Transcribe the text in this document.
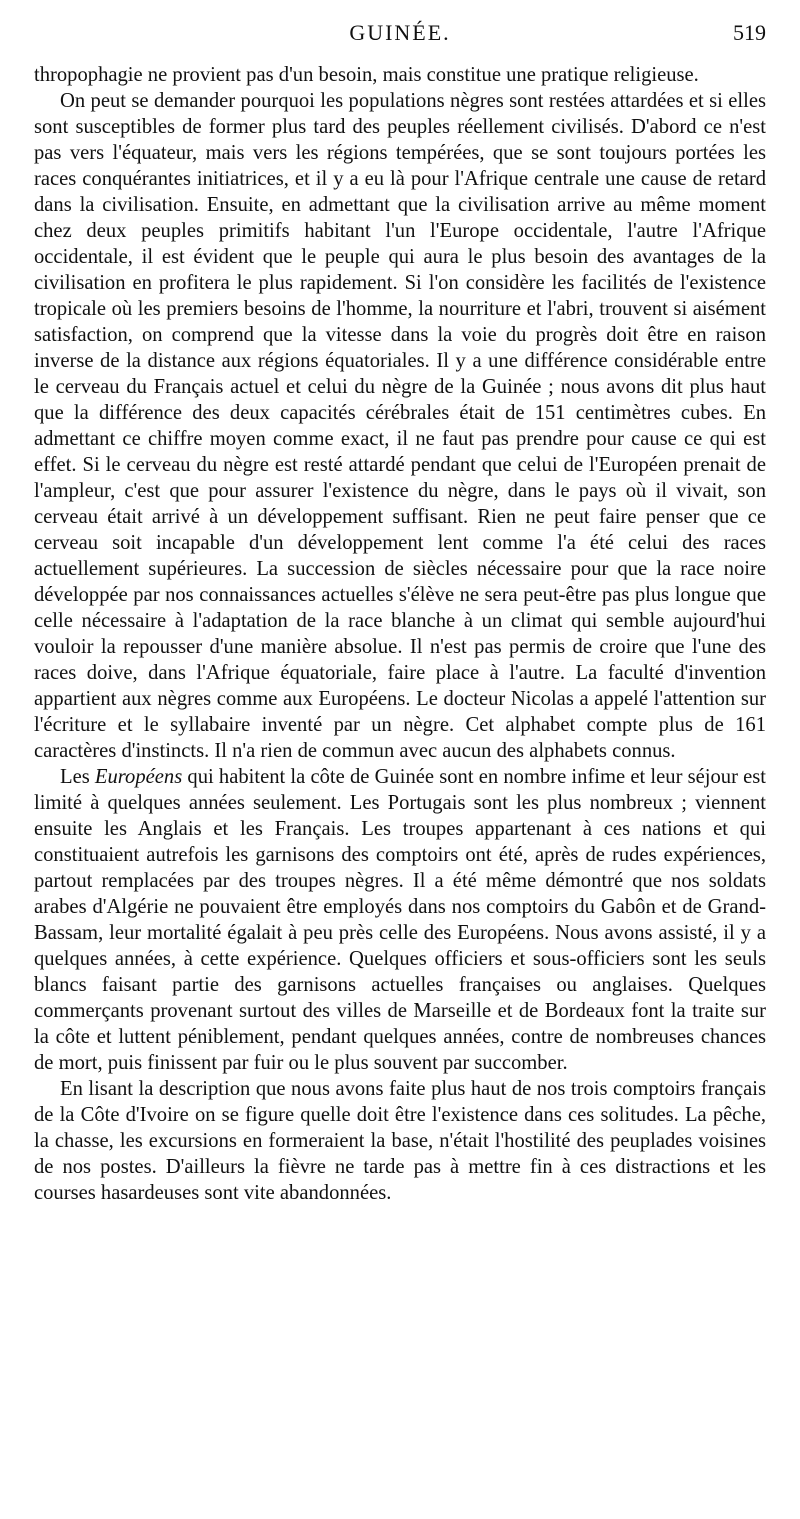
GUINÉE.	519

thropophagie ne provient pas d'un besoin, mais constitue une pratique religieuse.

On peut se demander pourquoi les populations nègres sont restées attardées et si elles sont susceptibles de former plus tard des peuples réellement civilisés. D'abord ce n'est pas vers l'équateur, mais vers les régions tempérées, que se sont toujours portées les races conquérantes initiatrices, et il y a eu là pour l'Afrique centrale une cause de retard dans la civilisation. Ensuite, en admettant que la civilisation arrive au même moment chez deux peuples primitifs habitant l'un l'Europe occidentale, l'autre l'Afrique occidentale, il est évident que le peuple qui aura le plus besoin des avantages de la civilisation en profitera le plus rapidement. Si l'on considère les facilités de l'existence tropicale où les premiers besoins de l'homme, la nourriture et l'abri, trouvent si aisément satisfaction, on comprend que la vitesse dans la voie du progrès doit être en raison inverse de la distance aux régions équatoriales. Il y a une différence considérable entre le cerveau du Français actuel et celui du nègre de la Guinée ; nous avons dit plus haut que la différence des deux capacités cérébrales était de 151 centimètres cubes. En admettant ce chiffre moyen comme exact, il ne faut pas prendre pour cause ce qui est effet. Si le cerveau du nègre est resté attardé pendant que celui de l'Européen prenait de l'ampleur, c'est que pour assurer l'existence du nègre, dans le pays où il vivait, son cerveau était arrivé à un développement suffisant. Rien ne peut faire penser que ce cerveau soit incapable d'un développement lent comme l'a été celui des races actuellement supérieures. La succession de siècles nécessaire pour que la race noire développée par nos connaissances actuelles s'élève ne sera peut-être pas plus longue que celle nécessaire à l'adaptation de la race blanche à un climat qui semble aujourd'hui vouloir la repousser d'une manière absolue. Il n'est pas permis de croire que l'une des races doive, dans l'Afrique équatoriale, faire place à l'autre. La faculté d'invention appartient aux nègres comme aux Européens. Le docteur Nicolas a appelé l'attention sur l'écriture et le syllabaire inventé par un nègre. Cet alphabet compte plus de 161 caractères d'instincts. Il n'a rien de commun avec aucun des alphabets connus.

Les Européens qui habitent la côte de Guinée sont en nombre infime et leur séjour est limité à quelques années seulement. Les Portugais sont les plus nombreux ; viennent ensuite les Anglais et les Français. Les troupes appartenant à ces nations et qui constituaient autrefois les garnisons des comptoirs ont été, après de rudes expériences, partout remplacées par des troupes nègres. Il a été même démontré que nos soldats arabes d'Algérie ne pouvaient être employés dans nos comptoirs du Gabôn et de Grand-Bassam, leur mortalité égalait à peu près celle des Européens. Nous avons assisté, il y a quelques années, à cette expérience. Quelques officiers et sous-officiers sont les seuls blancs faisant partie des garnisons actuelles françaises ou anglaises. Quelques commerçants provenant surtout des villes de Marseille et de Bordeaux font la traite sur la côte et luttent péniblement, pendant quelques années, contre de nombreuses chances de mort, puis finissent par fuir ou le plus souvent par succomber.

En lisant la description que nous avons faite plus haut de nos trois comptoirs français de la Côte d'Ivoire on se figure quelle doit être l'existence dans ces solitudes. La pêche, la chasse, les excursions en formeraient la base, n'était l'hostilité des peuplades voisines de nos postes. D'ailleurs la fièvre ne tarde pas à mettre fin à ces distractions et les courses hasardeuses sont vite abandonnées.
